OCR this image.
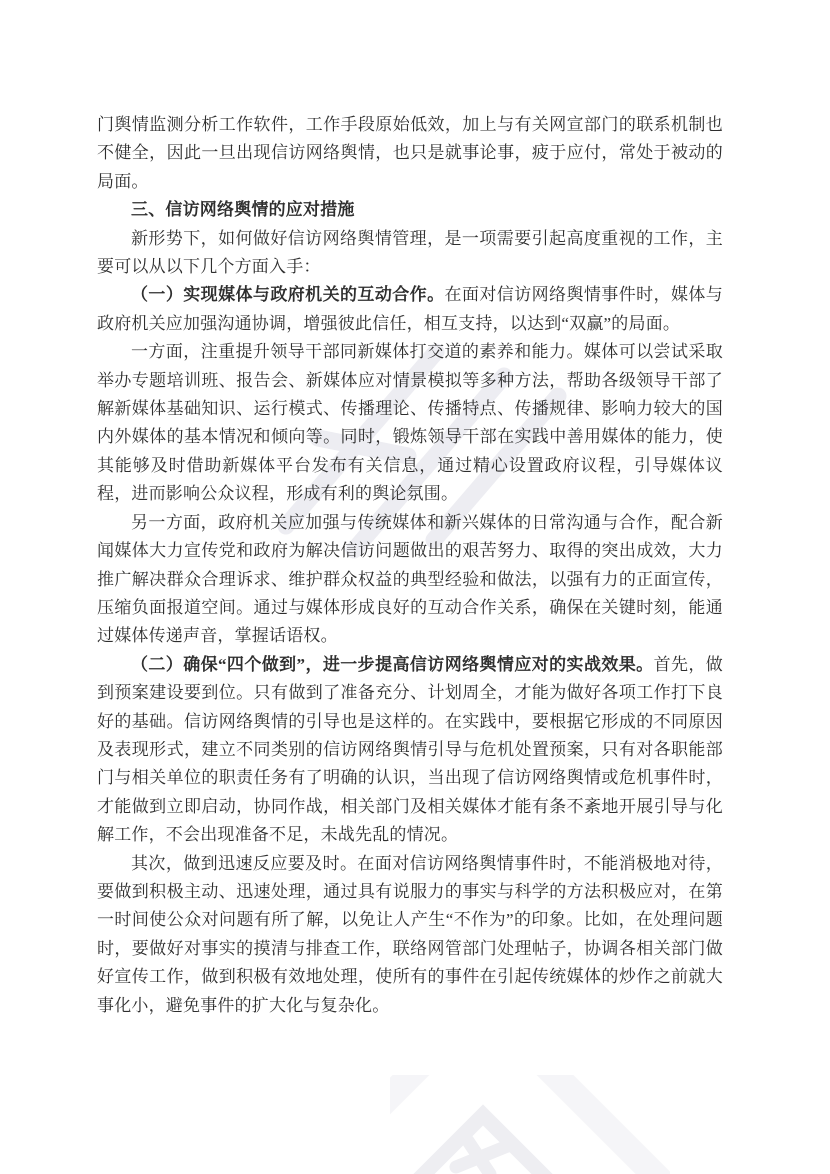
门舆情监测分析工作软件，工作手段原始低效，加上与有关网宣部门的联系机制也不健全，因此一旦出现信访网络舆情，也只是就事论事，疲于应付，常处于被动的局面。

三、信访网络舆情的应对措施

新形势下，如何做好信访网络舆情管理，是一项需要引起高度重视的工作，主要可以从以下几个方面入手：

（一）实现媒体与政府机关的互动合作。在面对信访网络舆情事件时，媒体与政府机关应加强沟通协调，增强彼此信任，相互支持，以达到“双赢”的局面。

一方面，注重提升领导干部同新媒体打交道的素养和能力。媒体可以尝试采取举办专题培训班、报告会、新媒体应对情景模拟等多种方法，帮助各级领导干部了解新媒体基础知识、运行模式、传播理论、传播特点、传播规律、影响力较大的国内外媒体的基本情况和倾向等。同时，锻炼领导干部在实践中善用媒体的能力，使其能够及时借助新媒体平台发布有关信息，通过精心设置政府议程，引导媒体议程，进而影响公众议程，形成有利的舆论氛围。

另一方面，政府机关应加强与传统媒体和新兴媒体的日常沟通与合作，配合新闻媒体大力宣传党和政府为解决信访问题做出的艰苦努力、取得的突出成效，大力推广解决群众合理诉求、维护群众权益的典型经验和做法，以强有力的正面宣传，压缩负面报道空间。通过与媒体形成良好的互动合作关系，确保在关键时刻，能通过媒体传递声音，掌握话语权。

（二）确保“四个做到”，进一步提高信访网络舆情应对的实战效果。首先，做到预案建设要到位。只有做到了准备充分、计划周全，才能为做好各项工作打下良好的基础。信访网络舆情的引导也是这样的。在实践中，要根据它形成的不同原因及表现形式，建立不同类别的信访网络舆情引导与危机处置预案，只有对各职能部门与相关单位的职责任务有了明确的认识，当出现了信访网络舆情或危机事件时，才能做到立即启动，协同作战，相关部门及相关媒体才能有条不紊地开展引导与化解工作，不会出现准备不足，未战先乱的情况。

其次，做到迅速反应要及时。在面对信访网络舆情事件时，不能消极地对待，要做到积极主动、迅速处理，通过具有说服力的事实与科学的方法积极应对，在第一时间使公众对问题有所了解，以免让人产生“不作为”的印象。比如，在处理问题时，要做好对事实的摸清与排查工作，联络网管部门处理帖子，协调各相关部门做好宣传工作，做到积极有效地处理，使所有的事件在引起传统媒体的炒作之前就大事化小，避免事件的扩大化与复杂化。
